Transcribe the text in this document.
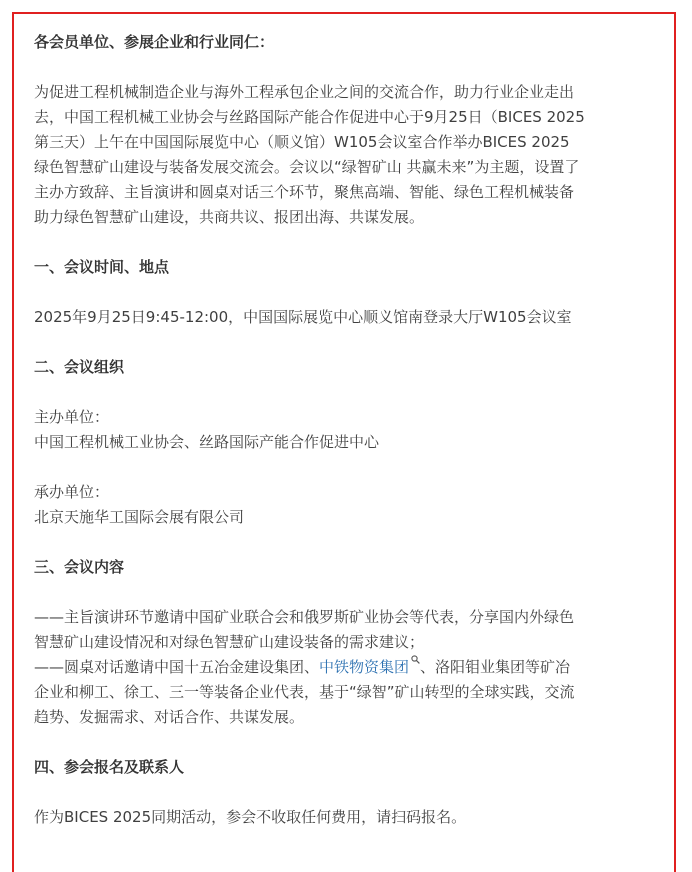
各会员单位、参展企业和行业同仁：

为促进工程机械制造企业与海外工程承包企业之间的交流合作，助力行业企业走出

去，中国工程机械工业协会与丝路国际产能合作促进中心于9月25日（BICES 2025

第三天）上午在中国国际展览中心（顺义馆）W105会议室合作举办BICES 2025

绿色智慧矿山建设与装备发展交流会。会议以“绿智矿山 共赢未来”为主题，设置了

主办方致辞、主旨演讲和圆桌对话三个环节，聚焦高端、智能、绿色工程机械装备

助力绿色智慧矿山建设，共商共议、报团出海、共谋发展。

一、会议时间、地点

2025年9月25日9:45-12:00，中国国际展览中心顺义馆南登录大厅W105会议室

二、会议组织

主办单位：

中国工程机械工业协会、丝路国际产能合作促进中心

承办单位：

北京天施华工国际会展有限公司

三、会议内容

——主旨演讲环节邀请中国矿业联合会和俄罗斯矿业协会等代表，分享国内外绿色

智慧矿山建设情况和对绿色智慧矿山建设装备的需求建议；

——圆桌对话邀请中国十五冶金建设集团、中铁物资集团 、洛阳钼业集团等矿冶

企业和柳工、徐工、三一等装备企业代表，基于“绿智”矿山转型的全球实践，交流

趋势、发掘需求、对话合作、共谋发展。

四、参会报名及联系人

作为BICES 2025同期活动，参会不收取任何费用，请扫码报名。
